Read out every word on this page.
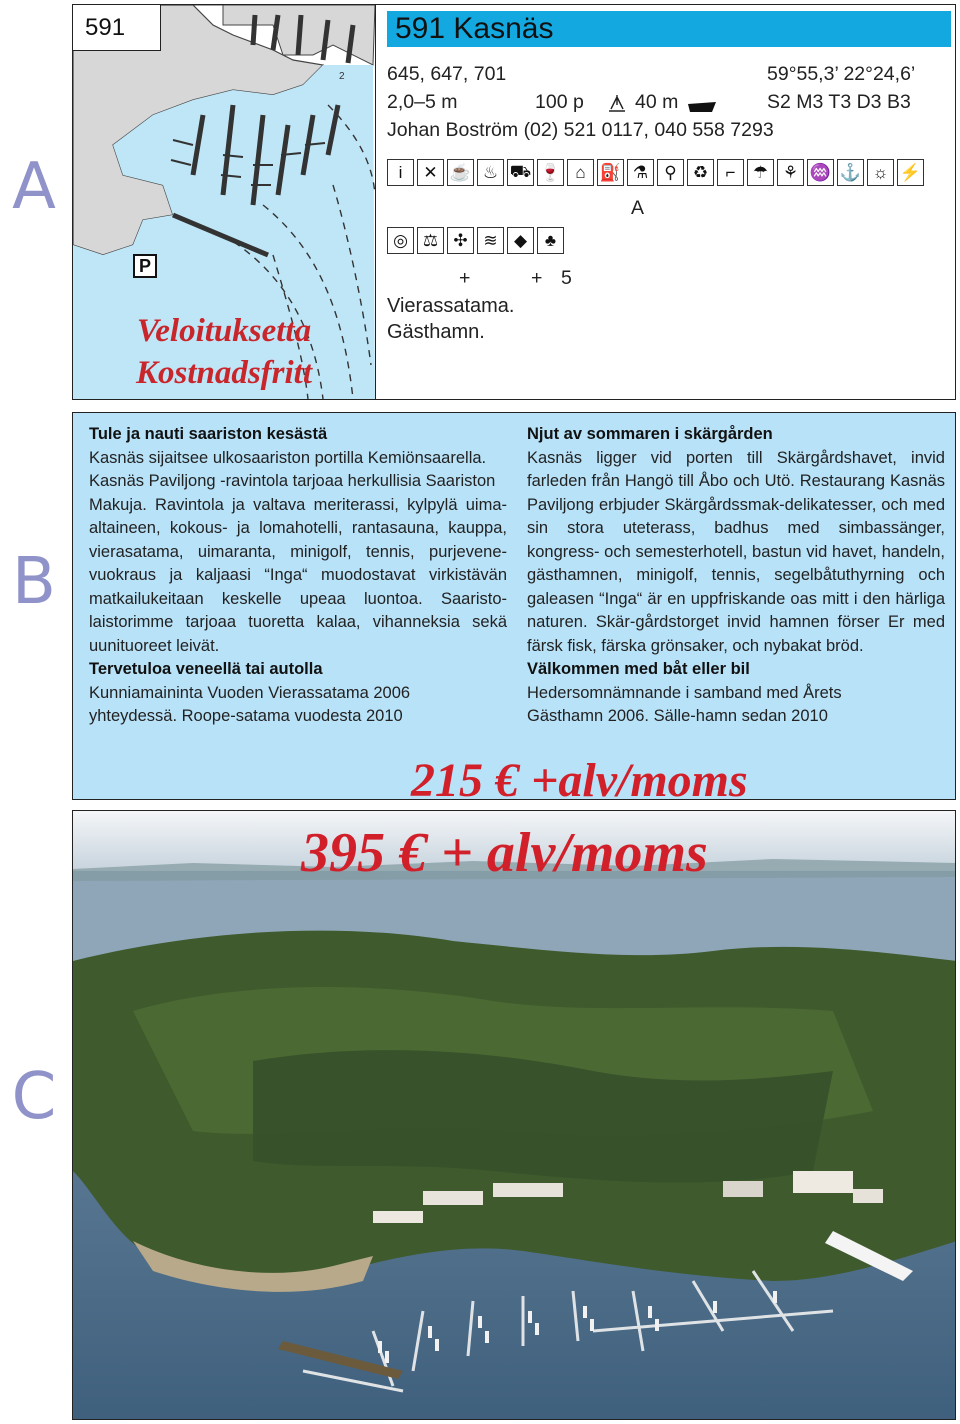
A
B
C
2
591
P
Veloituksetta
Kostnadsfritt
591 Kasnäs
645, 647, 701	59°55,3’ 22°24,6’
2,0–5 m	100 p	40 m	S2 M3 T3 D3 B3
Johan Boström (02) 521 0117, 040 558 7293
i	✕ ☕ ♨ ⛟ 🍷 ⌂ ⛽ ⚗ ⚲ ♻	⌐	☂ ⚘ ♒ ⚓ ☼ ⚡
A
◎ ⚖ ✣ ≋ ◆	♣
+	+ 5
Vierassatama.
Gästhamn.

Tule ja nauti saariston kesästä

Kasnäs sijaitsee ulkosaariston portilla Kemiönsaarella.

Kasnäs Paviljong -ravintola tarjoaa herkullisia Saariston

Makuja. Ravintola ja valtava meriterassi, kylpylä uima-altaineen, kokous- ja lomahotelli, rantasauna, kauppa, vierasatama, uimaranta, minigolf, tennis, purjevene-vuokraus ja kaljaasi “Inga“ muodostavat virkistävän matkailukeitaan keskelle upeaa luontoa. Saaristo-laistorimme tarjoaa tuoretta kalaa, vihanneksia sekä uunituoreet leivät.

Tervetuloa veneellä tai autolla

Kunniamaininta Vuoden Vierassatama 2006

yhteydessä. Roope-satama vuodesta 2010

Njut av sommaren i skärgården

Kasnäs ligger vid porten till Skärgårdshavet, invid farleden från Hangö till Åbo och Utö. Restaurang Kasnäs Paviljong erbjuder Skärgårdssmak-delikatesser, och med sin stora uteterass, badhus med simbassänger, kongress- och semesterhotell, bastun vid havet, handeln, gästhamnen, minigolf, tennis, segelbåtuthyrning och galeasen “Inga“ är en uppfriskande oas mitt i den härliga naturen. Skär-gårdstorget invid hamnen förser Er med färsk fisk, färska grönsaker, och nybakat bröd.

Välkommen med båt eller bil

Hedersomnämnande i samband med Årets

Gästhamn 2006. Sälle-hamn sedan 2010

215 € +alv/moms
395 € + alv/moms
